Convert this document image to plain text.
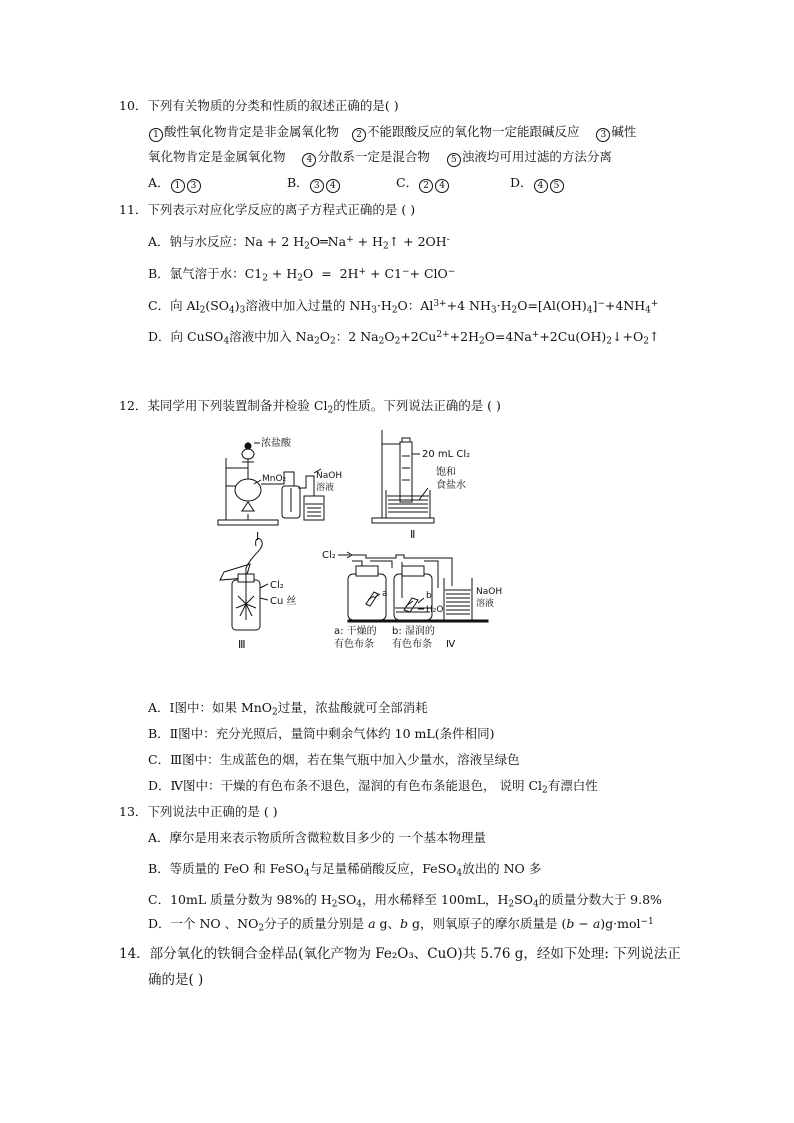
10．下列有关物质的分类和性质的叙述正确的是( )
1 酸性氧化物肯定是非金属氧化物 2 不能跟酸反应的氧化物一定能跟碱反应 3 碱性
氧化物肯定是金属氧化物 4 分散系一定是混合物 5 浊液均可用过滤的方法分离
A． 1 3	B． 3 4	C． 2 4	D． 4 5
11．下列表示对应化学反应的离子方程式正确的是 ( )
A．钠与水反应：Na + 2 $H_2O═Na^+$ + $H_2↑ + 2OH^-$
B．氯气溶于水：$C1_2 + H_2O = 2H^+ + C1^-+ ClO^-$
C．向 $Al_2(SO_4)_3$溶液中加入过量的 $NH_3\cdot H_2O$：$Al^{3+}+4$ $NH_3\cdot H_2O=[Al(OH)_4]^-+4NH_4^+$
D．向 CuSO$_4$溶液中加入 $Na_2O_2$：2 $Na_2O_2+2Cu^{2+}+2H_2O=4Na^++2Cu(OH)_2↓+O_2↑$
12．某同学用下列装置制备并检验 $Cl_2$的性质。下列说法正确的是 ( )
浓盐酸
MnO₂	NaOH
溶液
Ⅰ
20 mL Cl₂
饱和
食盐水
Ⅱ
Cl₂
Cu 丝
Ⅲ
Cl₂
a	b
H₂O
NaOH
溶液
a: 干燥的 b: 湿润的
有色布条 有色布条 Ⅳ
A．Ⅰ图中：如果 MnO$_2$过量，浓盐酸就可全部消耗
B．Ⅱ图中：充分光照后，量筒中剩余气体约 10 mL(条件相同)
C．Ⅲ图中：生成蓝色的烟，若在集气瓶中加入少量水，溶液呈绿色
D．Ⅳ图中：干燥的有色布条不退色，湿润的有色布条能退色， 说明 $Cl_2$有漂白性
13．下列说法中正确的是 ( )
A．摩尔是用来表示物质所含微粒数目多少的 一个基本物理量
B．等质量的 FeO 和 FeSO$_4$与足量稀硝酸反应，FeSO$_4$放出的 NO 多
C．10mL 质量分数为 98%的 $H_2SO_4$，用水稀释至 100mL，$H_2SO_4$的质量分数大于 9.8%
D．一个 NO 、$NO_2$分子的质量分别是 a g、b g，则氧原子的摩尔质量是 (b − a)g·mol$^{-1}$
14．部分氧化的铁铜合金样品(氧化产物为 Fe₂O₃、CuO)共 5.76 g，经如下处理: 下列说法正
确的是( )
